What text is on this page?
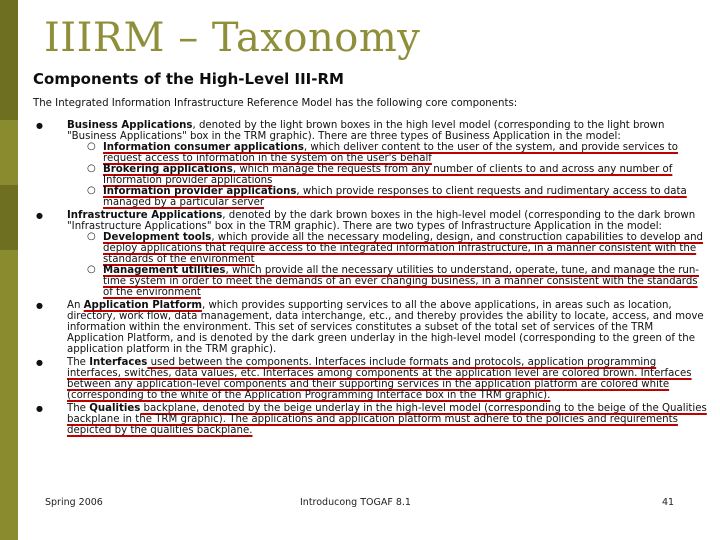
IIIRM – Taxonomy
Components of the High-Level III-RM
The Integrated Information Infrastructure Reference Model has the following core components:
● Business Applications, denoted by the light brown boxes in the high level model (corresponding to the light brown "Business Applications" box in the TRM graphic). There are three types of Business Application in the model:
○ Information consumer applications, which deliver content to the user of the system, and provide services to request access to information in the system on the user's behalf
○ Brokering applications, which manage the requests from any number of clients to and across any number of Information provider applications
○ Information provider applications, which provide responses to client requests and rudimentary access to data managed by a particular server
● Infrastructure Applications, denoted by the dark brown boxes in the high-level model (corresponding to the dark brown "Infrastructure Applications" box in the TRM graphic). There are two types of Infrastructure Application in the model:
○ Development tools, which provide all the necessary modeling, design, and construction capabilities to develop and deploy applications that require access to the integrated information infrastructure, in a manner consistent with the standards of the environment
○ Management utilities, which provide all the necessary utilities to understand, operate, tune, and manage the run-time system in order to meet the demands of an ever changing business, in a manner consistent with the standards of the environment
● An Application Platform, which provides supporting services to all the above applications, in areas such as location, directory, work flow, data management, data interchange, etc., and thereby provides the ability to locate, access, and move information within the environment. This set of services constitutes a subset of the total set of services of the TRM Application Platform, and is denoted by the dark green underlay in the high-level model (corresponding to the green of the application platform in the TRM graphic).
● The Interfaces used between the components. Interfaces include formats and protocols, application programming interfaces, switches, data values, etc. Interfaces among components at the application level are colored brown. Interfaces between any application-level components and their supporting services in the application platform are colored white (corresponding to the white of the Application Programming Interface box in the TRM graphic).
● The Qualities backplane, denoted by the beige underlay in the high-level model (corresponding to the beige of the Qualities backplane in the TRM graphic). The applications and application platform must adhere to the policies and requirements depicted by the qualities backplane.
Spring 2006	Introducong TOGAF 8.1	41
